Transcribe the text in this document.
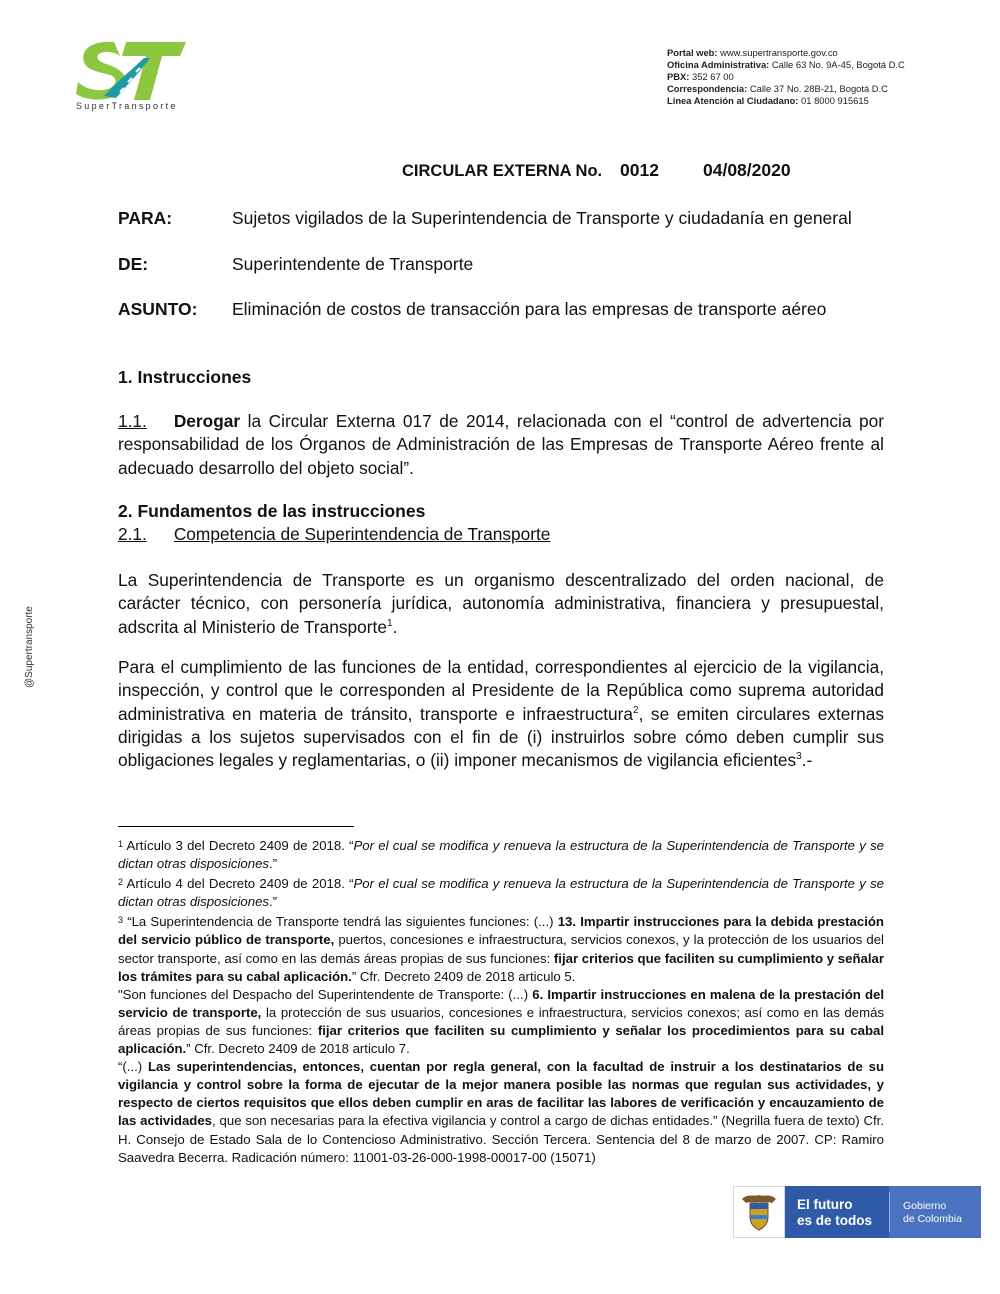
SuperTransporte
Portal web: www.supertransporte.gov.co
Oficina Administrativa: Calle 63 No. 9A-45, Bogotá D.C
PBX: 352 67 00
Correspondencia: Calle 37 No. 28B-21, Bogotá D.C
Línea Atención al Ciudadano: 01 8000 915615
@Supertransporte
CIRCULAR EXTERNA No. 0012	04/08/2020
PARA:	Sujetos vigilados de la Superintendencia de Transporte y ciudadanía en general
DE:	Superintendente de Transporte
ASUNTO: Eliminación de costos de transacción para las empresas de transporte aéreo
1. Instrucciones
1.1. Derogar la Circular Externa 017 de 2014, relacionada con el “control de advertencia por responsabilidad de los Órganos de Administración de las Empresas de Transporte Aéreo frente al adecuado desarrollo del objeto social”.
2. Fundamentos de las instrucciones
2.1. Competencia de Superintendencia de Transporte
La Superintendencia de Transporte es un organismo descentralizado del orden nacional, de carácter técnico, con personería jurídica, autonomía administrativa, financiera y presupuestal, adscrita al Ministerio de Transporte$^1$.
Para el cumplimiento de las funciones de la entidad, correspondientes al ejercicio de la vigilancia, inspección, y control que le corresponden al Presidente de la República como suprema autoridad administrativa en materia de tránsito, transporte e infraestructura$^2$, se emiten circulares externas dirigidas a los sujetos supervisados con el fin de (i) instruirlos sobre cómo deben cumplir sus obligaciones legales y reglamentarias, o (ii) imponer mecanismos de vigilancia eficientes$^3$.-

$^1$ Artículo 3 del Decreto 2409 de 2018. “Por el cual se modifica y renueva la estructura de la Superintendencia de Transporte y se dictan otras disposiciones.”

$^2$ Artículo 4 del Decreto 2409 de 2018. “Por el cual se modifica y renueva la estructura de la Superintendencia de Transporte y se dictan otras disposiciones.”

$^3$ “La Superintendencia de Transporte tendrá las siguientes funciones: (...) 13. Impartir instrucciones para la debida prestación del servicio público de transporte, puertos, concesiones e infraestructura, servicios conexos, y la protección de los usuarios del sector transporte, así como en las demás áreas propias de sus funciones: fijar criterios que faciliten su cumplimiento y señalar los trámites para su cabal aplicación.” Cfr. Decreto 2409 de 2018 articulo 5.

"Son funciones del Despacho del Superintendente de Transporte: (...) 6. Impartir instrucciones en malena de la prestación del servicio de transporte, la protección de sus usuarios, concesiones e infraestructura, servicios conexos; así como en las demás áreas propias de sus funciones: fijar criterios que faciliten su cumplimiento y señalar los procedimientos para su cabal aplicación.” Cfr. Decreto 2409 de 2018 articulo 7.

“(...) Las superintendencias, entonces, cuentan por regla general, con la facultad de instruir a los destinatarios de su vigilancia y control sobre la forma de ejecutar de la mejor manera posible las normas que regulan sus actividades, y respecto de ciertos requisitos que ellos deben cumplir en aras de facilitar las labores de verificación y encauzamiento de las actividades, que son necesarias para la efectiva vigilancia y control a cargo de dichas entidades.” (Negrilla fuera de texto) Cfr. H. Consejo de Estado Sala de lo Contencioso Administrativo. Sección Tercera. Sentencia del 8 de marzo de 2007. CP: Ramiro Saavedra Becerra. Radicación número: 11001-03-26-000-1998-00017-00 (15071)

El futuro
es de todos
Gobierno
de Colombia
